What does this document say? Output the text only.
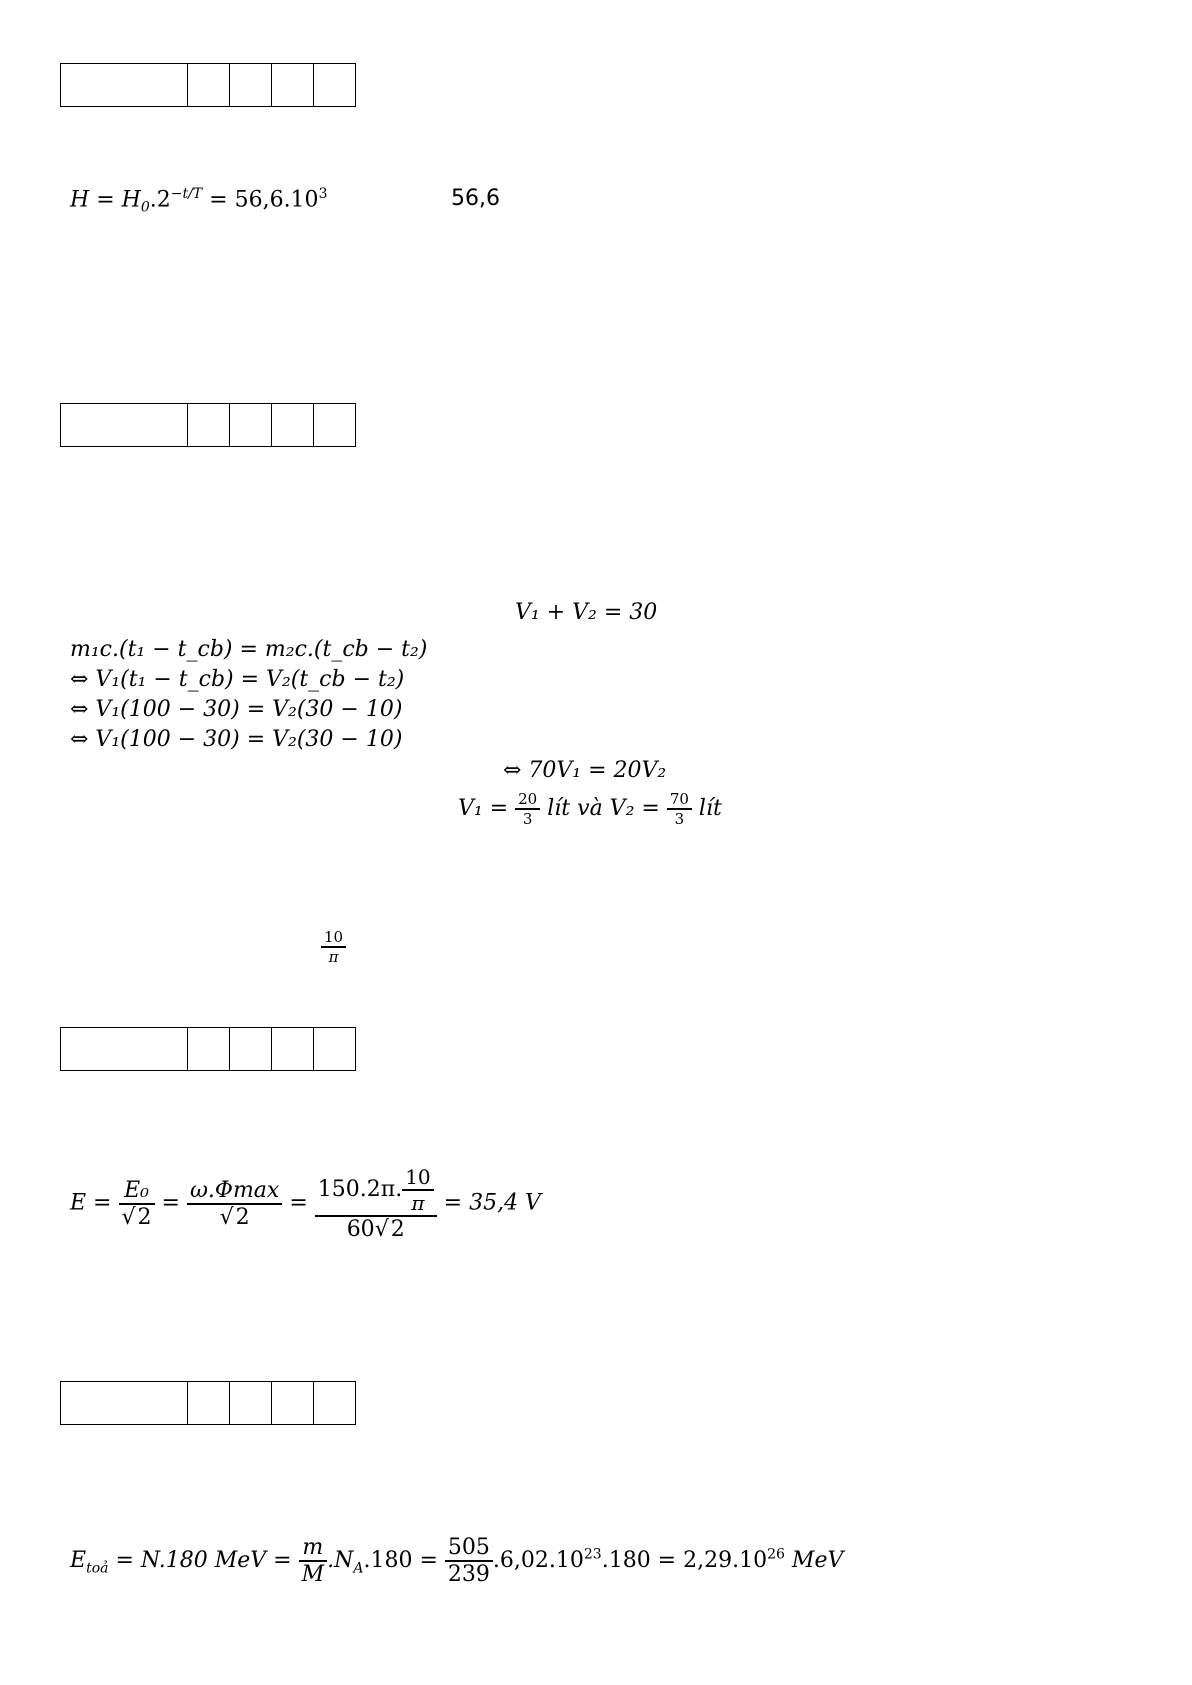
$H = H_0.2^{-t/T} = 56,6.10^3$	56,6
V₁ + V₂ = 30
m₁c.(t₁ − t_cb) = m₂c.(t_cb − t₂)
⇔ V₁(t₁ − t_cb) = V₂(t_cb − t₂)
⇔ V₁(100 − 30) = V₂(30 − 10)
⇔ V₁(100 − 30) = V₂(30 − 10)
⇔ 70V₁ = 20V₂
$V_1 = \frac{20}{3}$ lít và $V_2 = \frac{70}{3}$ lít
$\frac{10}{\pi}$
$E = \frac{\text{E₀}}{√2} = \frac{\omega.\Phi\max}{√2} = \frac{150.2\pi. \frac{10}{\pi}}{60√2} = 35,4$ V
$E_{toả} = N.180$ MeV = $\frac{m}{M} .N_A.180 = \frac{505}{239} .6,02.10^{23}.180 = 2,29.10^{26}$ MeV
